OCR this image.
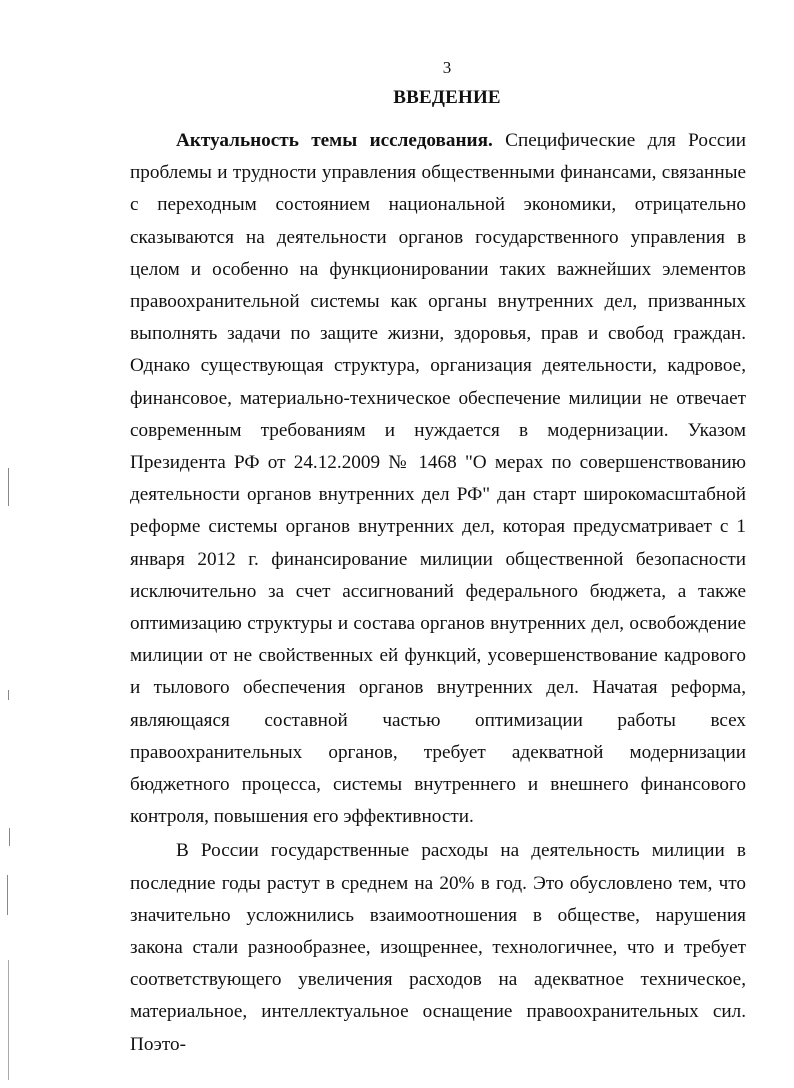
3
ВВЕДЕНИЕ

Актуальность темы исследования. Специфические для России проблемы и трудности управления общественными финансами, связанные с переходным состоянием национальной экономики, отрицательно сказываются на деятельности органов государственного управления в целом и особенно на функционировании таких важнейших элементов правоохранительной системы как органы внутренних дел, призванных выполнять задачи по защите жизни, здоровья, прав и свобод граждан. Однако существующая структура, организация деятельности, кадровое, финансовое, материально-техническое обеспечение милиции не отвечает современным требованиям и нуждается в модернизации. Указом Президента РФ от 24.12.2009 № 1468 "О мерах по совершенствованию деятельности органов внутренних дел РФ" дан старт широкомасштабной реформе системы органов внутренних дел, которая предусматривает с 1 января 2012 г. финансирование милиции общественной безопасности исключительно за счет ассигнований федерального бюджета, а также оптимизацию структуры и состава органов внутренних дел, освобождение милиции от не свойственных ей функций, усовершенствование кадрового и тылового обеспечения органов внутренних дел. Начатая реформа, являющаяся составной частью оптимизации работы всех правоохранительных органов, требует адекватной модернизации бюджетного процесса, системы внутреннего и внешнего финансового контроля, повышения его эффективности.

В России государственные расходы на деятельность милиции в последние годы растут в среднем на 20% в год. Это обусловлено тем, что значительно усложнились взаимоотношения в обществе, нарушения закона стали разнообразнее, изощреннее, технологичнее, что и требует соответствующего увеличения расходов на адекватное техническое, материальное, интеллектуальное оснащение правоохранительных сил. Поэто-
